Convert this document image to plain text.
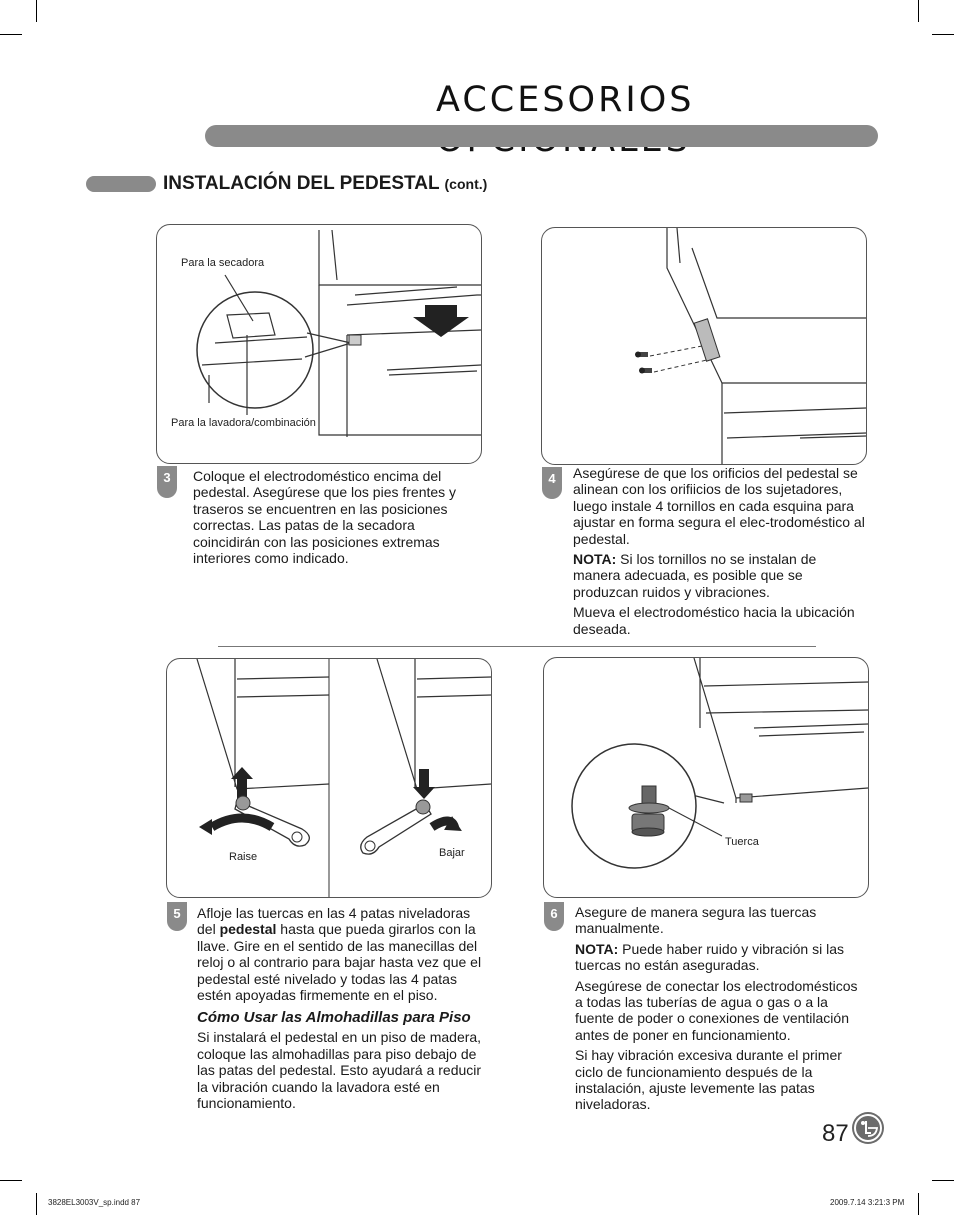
ACCESORIOS
INSTALACIÓN DEL PEDESTAL (cont.)
Para la secadora
Para la lavadora/combinación
3	Coloque el electrodoméstico encima del pedestal. Asegúrese que los pies frentes y traseros se encuentren en las posiciones correctas. Las patas de la secadora coincidirán con las posiciones extremas interiores como indicado.

4	Asegúrese de que los orificios del pedestal se alinean con los orifiicios de los sujetadores, luego instale 4 tornillos en cada esquina para ajustar en forma segura el elec-trodoméstico al pedestal.

NOTA: Si los tornillos no se instalan de manera adecuada, es posible que se produzcan ruidos y vibraciones.

Mueva el electrodoméstico hacia la ubicación deseada.

Raise	Bajar
5	Afloje las tuercas en las 4 patas niveladoras del pedestal hasta que pueda girarlos con la llave. Gire en el sentido de las manecillas del reloj o al contrario para bajar hasta vez que el pedestal esté nivelado y todas las 4 patas estén apoyadas firmemente en el piso.

Cómo Usar las Almohadillas para Piso

Si instalará el pedestal en un piso de madera, coloque las almohadillas para piso debajo de las patas del pedestal. Esto ayudará a reducir la vibración cuando la lavadora esté en funcionamiento.

Tuerca
6	Asegure de manera segura las tuercas manualmente.

NOTA: Puede haber ruido y vibración si las tuercas no están aseguradas.

Asegúrese de conectar los electrodomésticos a todas las tuberías de agua o gas o a la fuente de poder o conexiones de ventilación antes de poner en funcionamiento.

Si hay vibración excesiva durante el primer ciclo de funcionamiento después de la instalación, ajuste levemente las patas niveladoras.

87
3828EL3003V_sp.indd 87	2009.7.14 3:21:3 PM
